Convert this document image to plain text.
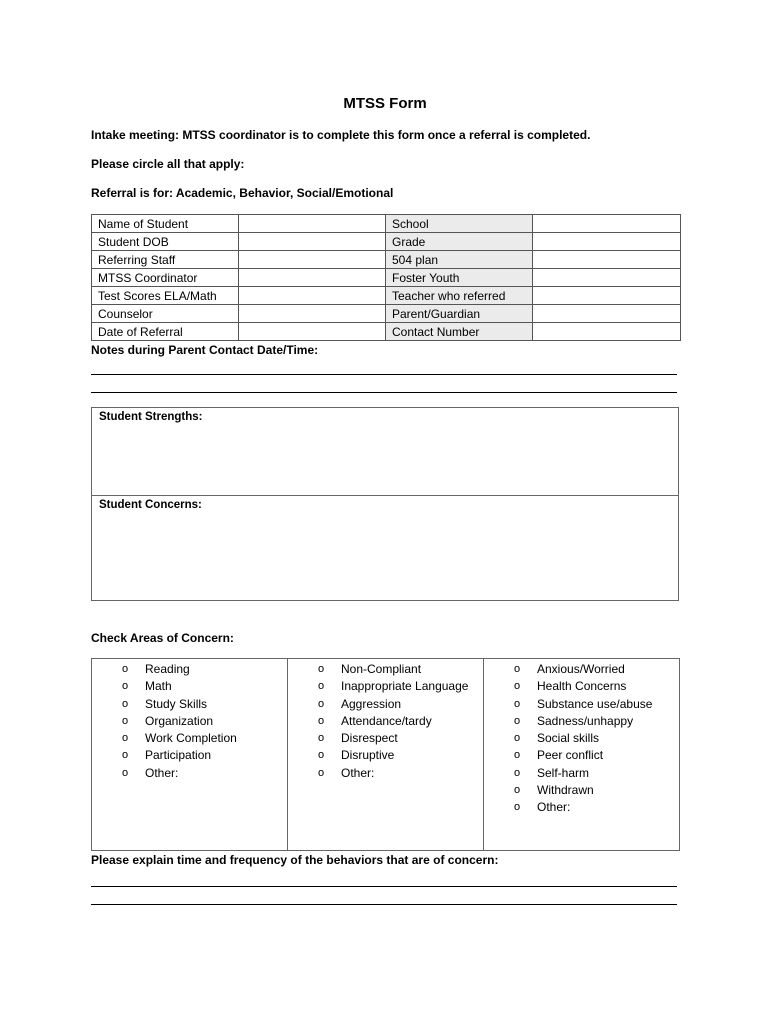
MTSS Form
Intake meeting: MTSS coordinator is to complete this form once a referral is completed.
Please circle all that apply:
Referral is for: Academic, Behavior, Social/Emotional
Name of Student		School	
Student DOB		Grade	
Referring Staff		504 plan	
MTSS Coordinator		Foster Youth	
Test Scores ELA/Math		Teacher who referred	
Counselor		Parent/Guardian	
Date of Referral		Contact Number	
Notes during Parent Contact Date/Time:
Student Strengths:
Student Concerns:
Check Areas of Concern:
o Reading
o Math
o Study Skills
o Organization
o Work Completion
o Participation
o Other:
o Non-Compliant
o Inappropriate Language
o Aggression
o Attendance/tardy
o Disrespect
o Disruptive
o Other:
o Anxious/Worried
o Health Concerns
o Substance use/abuse
o Sadness/unhappy
o Social skills
o Peer conflict
o Self-harm
o Withdrawn
o Other:
Please explain time and frequency of the behaviors that are of concern:
